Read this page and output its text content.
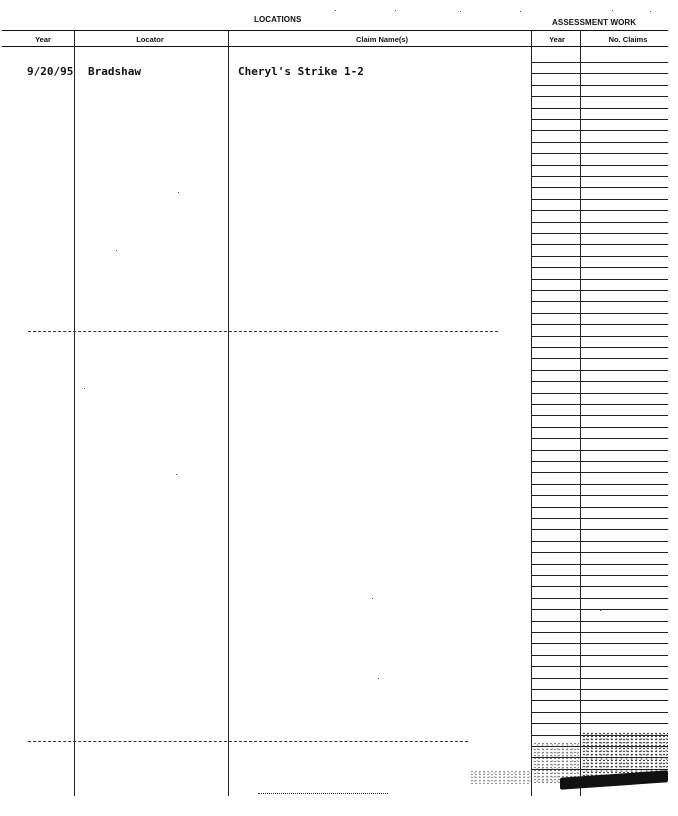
LOCATIONS	ASSESSMENT WORK
Year	Locator	Claim Name(s)	Year	No. Claims
9/20/95 Bradshaw	Cheryl's Strike 1-2
